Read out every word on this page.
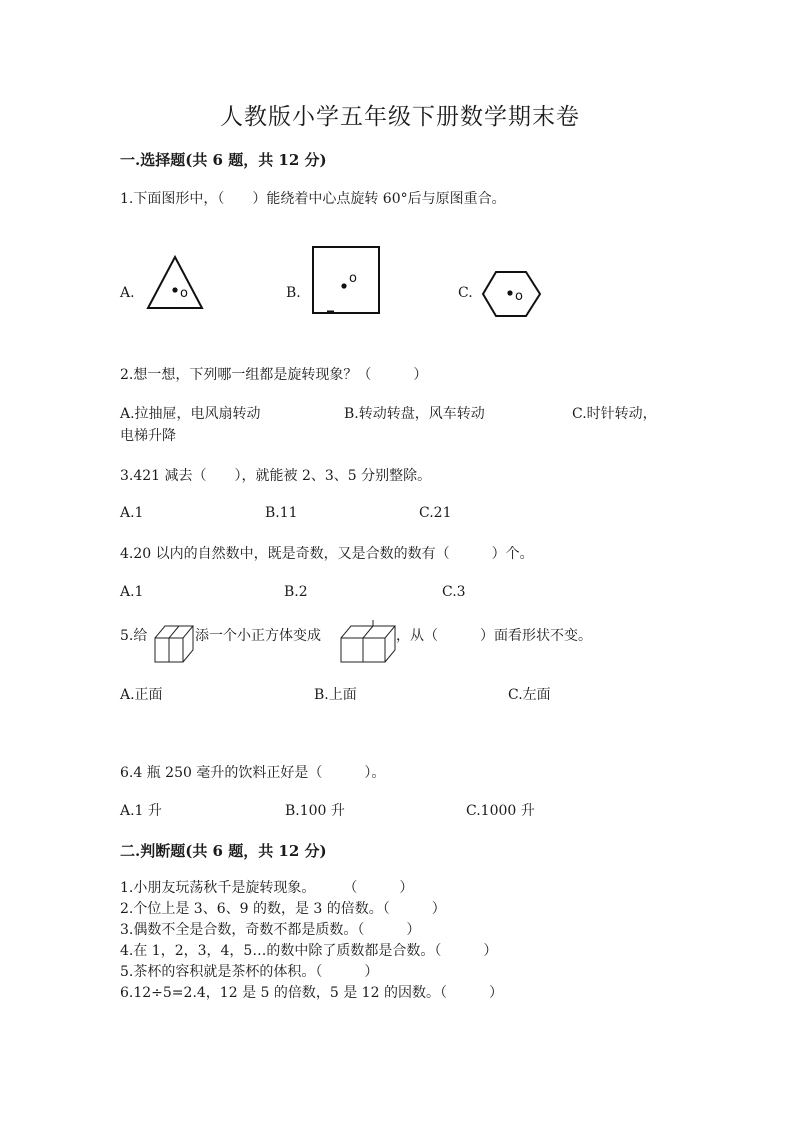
人教版小学五年级下册数学期末卷
一.选择题(共 6 题，共 12 分)
1.下面图形中，（　　）能绕着中心点旋转 60°后与原图重合。
A.	o	B.
o
C.	o
2.想一想，下列哪一组都是旋转现象？（　　　）
A.拉抽屉，电风扇转动	B.转动转盘，风车转动	C.时针转动，
电梯升降
3.421 减去（　　），就能被 2、3、5 分别整除。
A.1	B.11	C.21
4.20 以内的自然数中，既是奇数，又是合数的数有（　　　）个。
A.1	B.2	C.3
5.给	添一个小正方体变成	，从（　　　）面看形状不变。
A.正面	B.上面	C.左面
6.4 瓶 250 毫升的饮料正好是（　　　）。
A.1 升	B.100 升	C.1000 升
二.判断题(共 6 题，共 12 分)
1.小朋友玩荡秋千是旋转现象。　　　（　　　）
2.个位上是 3、6、9 的数，是 3 的倍数。（　　　）
3.偶数不全是合数，奇数不都是质数。（　　　）
4.在 1，2，3，4，5…的数中除了质数都是合数。（　　　）
5.茶杯的容积就是茶杯的体积。（　　　）
6.12÷5=2.4，12 是 5 的倍数，5 是 12 的因数。（　　　）
